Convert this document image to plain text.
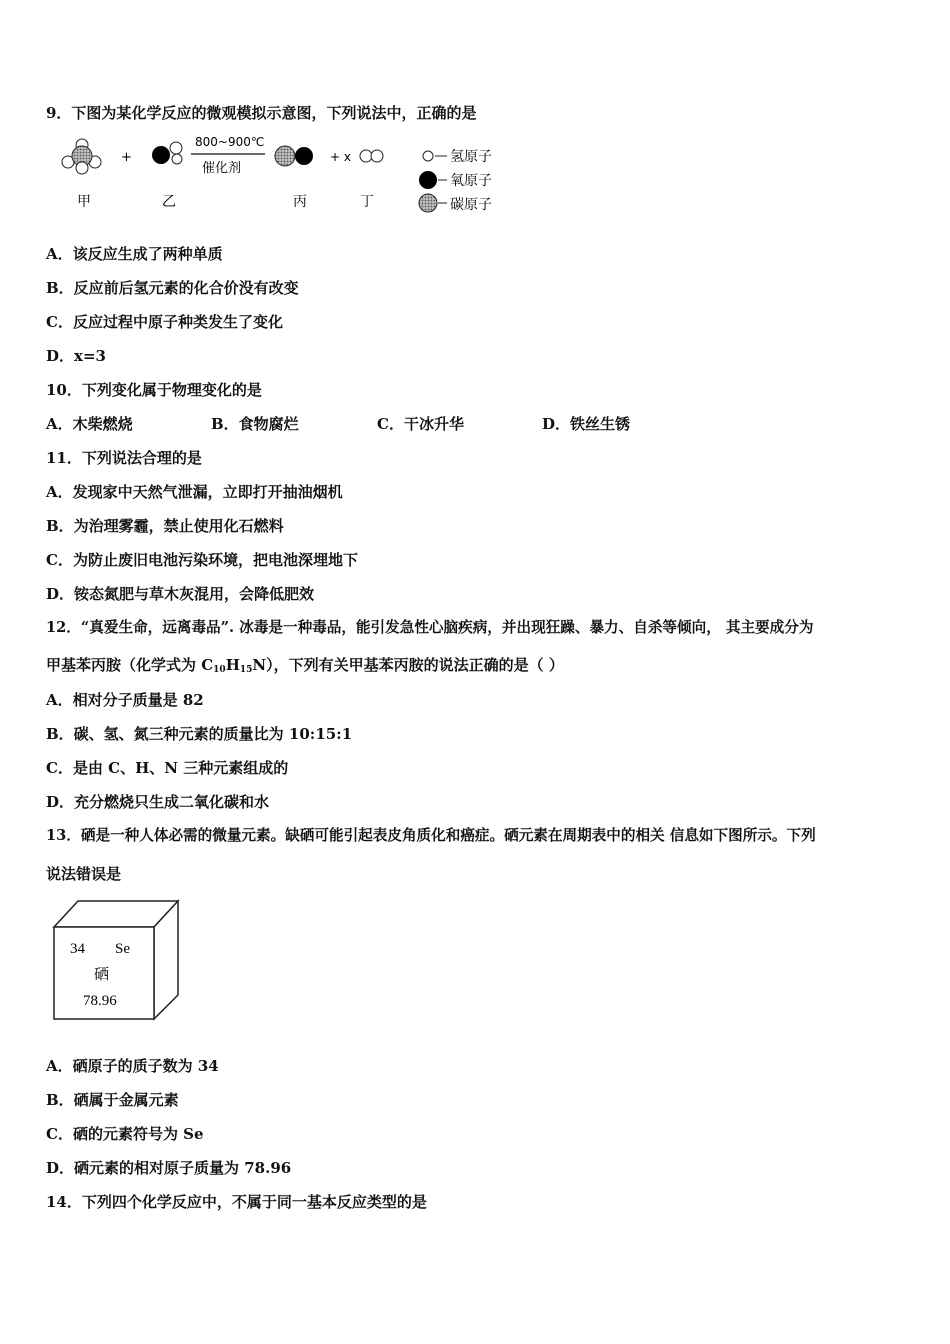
9．下图为某化学反应的微观模拟示意图，下列说法中，正确的是
+
800~900℃
催化剂
+ x
甲	乙	丙	丁
氢原子
氧原子
碳原子
A．该反应生成了两种单质
B．反应前后氢元素的化合价没有改变
C．反应过程中原子种类发生了变化
D．x=3
10．下列变化属于物理变化的是
A．木柴燃烧	B．食物腐烂	C．干冰升华	D．铁丝生锈
11．下列说法合理的是
A．发现家中天然气泄漏，立即打开抽油烟机
B．为治理雾霾，禁止使用化石燃料
C．为防止废旧电池污染环境，把电池深埋地下
D．铵态氮肥与草木灰混用，会降低肥效
12．“真爱生命，远离毒品”. 冰毒是一种毒品，能引发急性心脑疾病，并出现狂躁、暴力、自杀等倾向， 其主要成分为
甲基苯丙胺（化学式为 $C_{10}H_{15}N$），下列有关甲基苯丙胺的说法正确的是（ ）
A．相对分子质量是 82
B．碳、氢、氮三种元素的质量比为 10:15:1
C．是由 C、H、N 三种元素组成的
D．充分燃烧只生成二氧化碳和水
13．硒是一种人体必需的微量元素。缺硒可能引起表皮角质化和癌症。硒元素在周期表中的相关 信息如下图所示。下列
说法错误是
34 Se
硒
78.96
A．硒原子的质子数为 34
B．硒属于金属元素
C．硒的元素符号为 Se
D．硒元素的相对原子质量为 78.96
14．下列四个化学反应中，不属于同一基本反应类型的是
